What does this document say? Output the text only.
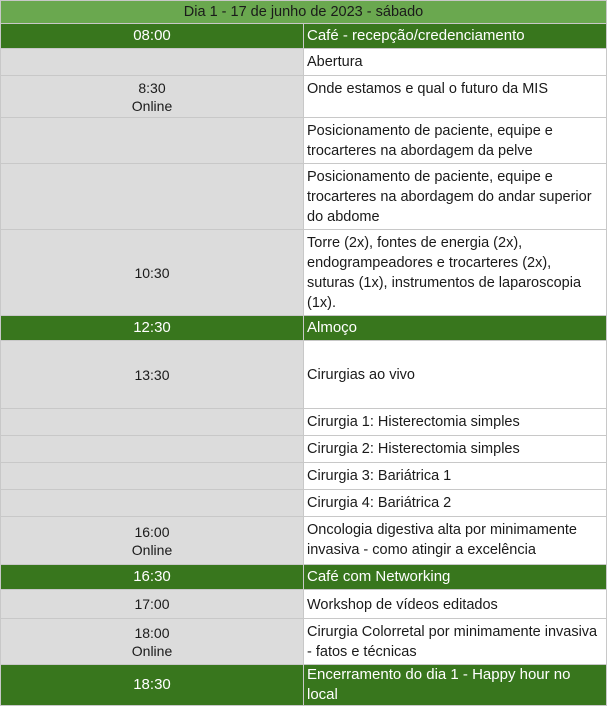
Dia 1 - 17 de junho de 2023 - sábado	
08:00	Café - recepção/credenciamento
	Abertura

8:30
Online	Onde estamos e qual o futuro da MIS
	Posicionamento de paciente, equipe e trocarteres na abordagem da pelve
	Posicionamento de paciente, equipe e trocarteres na abordagem do andar superior do abdome
10:30	Torre (2x), fontes de energia (2x), endogrampeadores e trocarteres (2x), suturas (1x), instrumentos de laparoscopia (1x).
12:30	Almoço
13:30	Cirurgias ao vivo
	Cirurgia 1: Histerectomia simples
	Cirurgia 2: Histerectomia simples
	Cirurgia 3: Bariátrica 1
	Cirurgia 4: Bariátrica 2

16:00
Online	Oncologia digestiva alta por minimamente invasiva - como atingir a excelência
16:30	Café com Networking
17:00	Workshop de vídeos editados

18:00
Online	Cirurgia Colorretal por minimamente invasiva - fatos e técnicas
18:30	Encerramento do dia 1 - Happy hour no local
